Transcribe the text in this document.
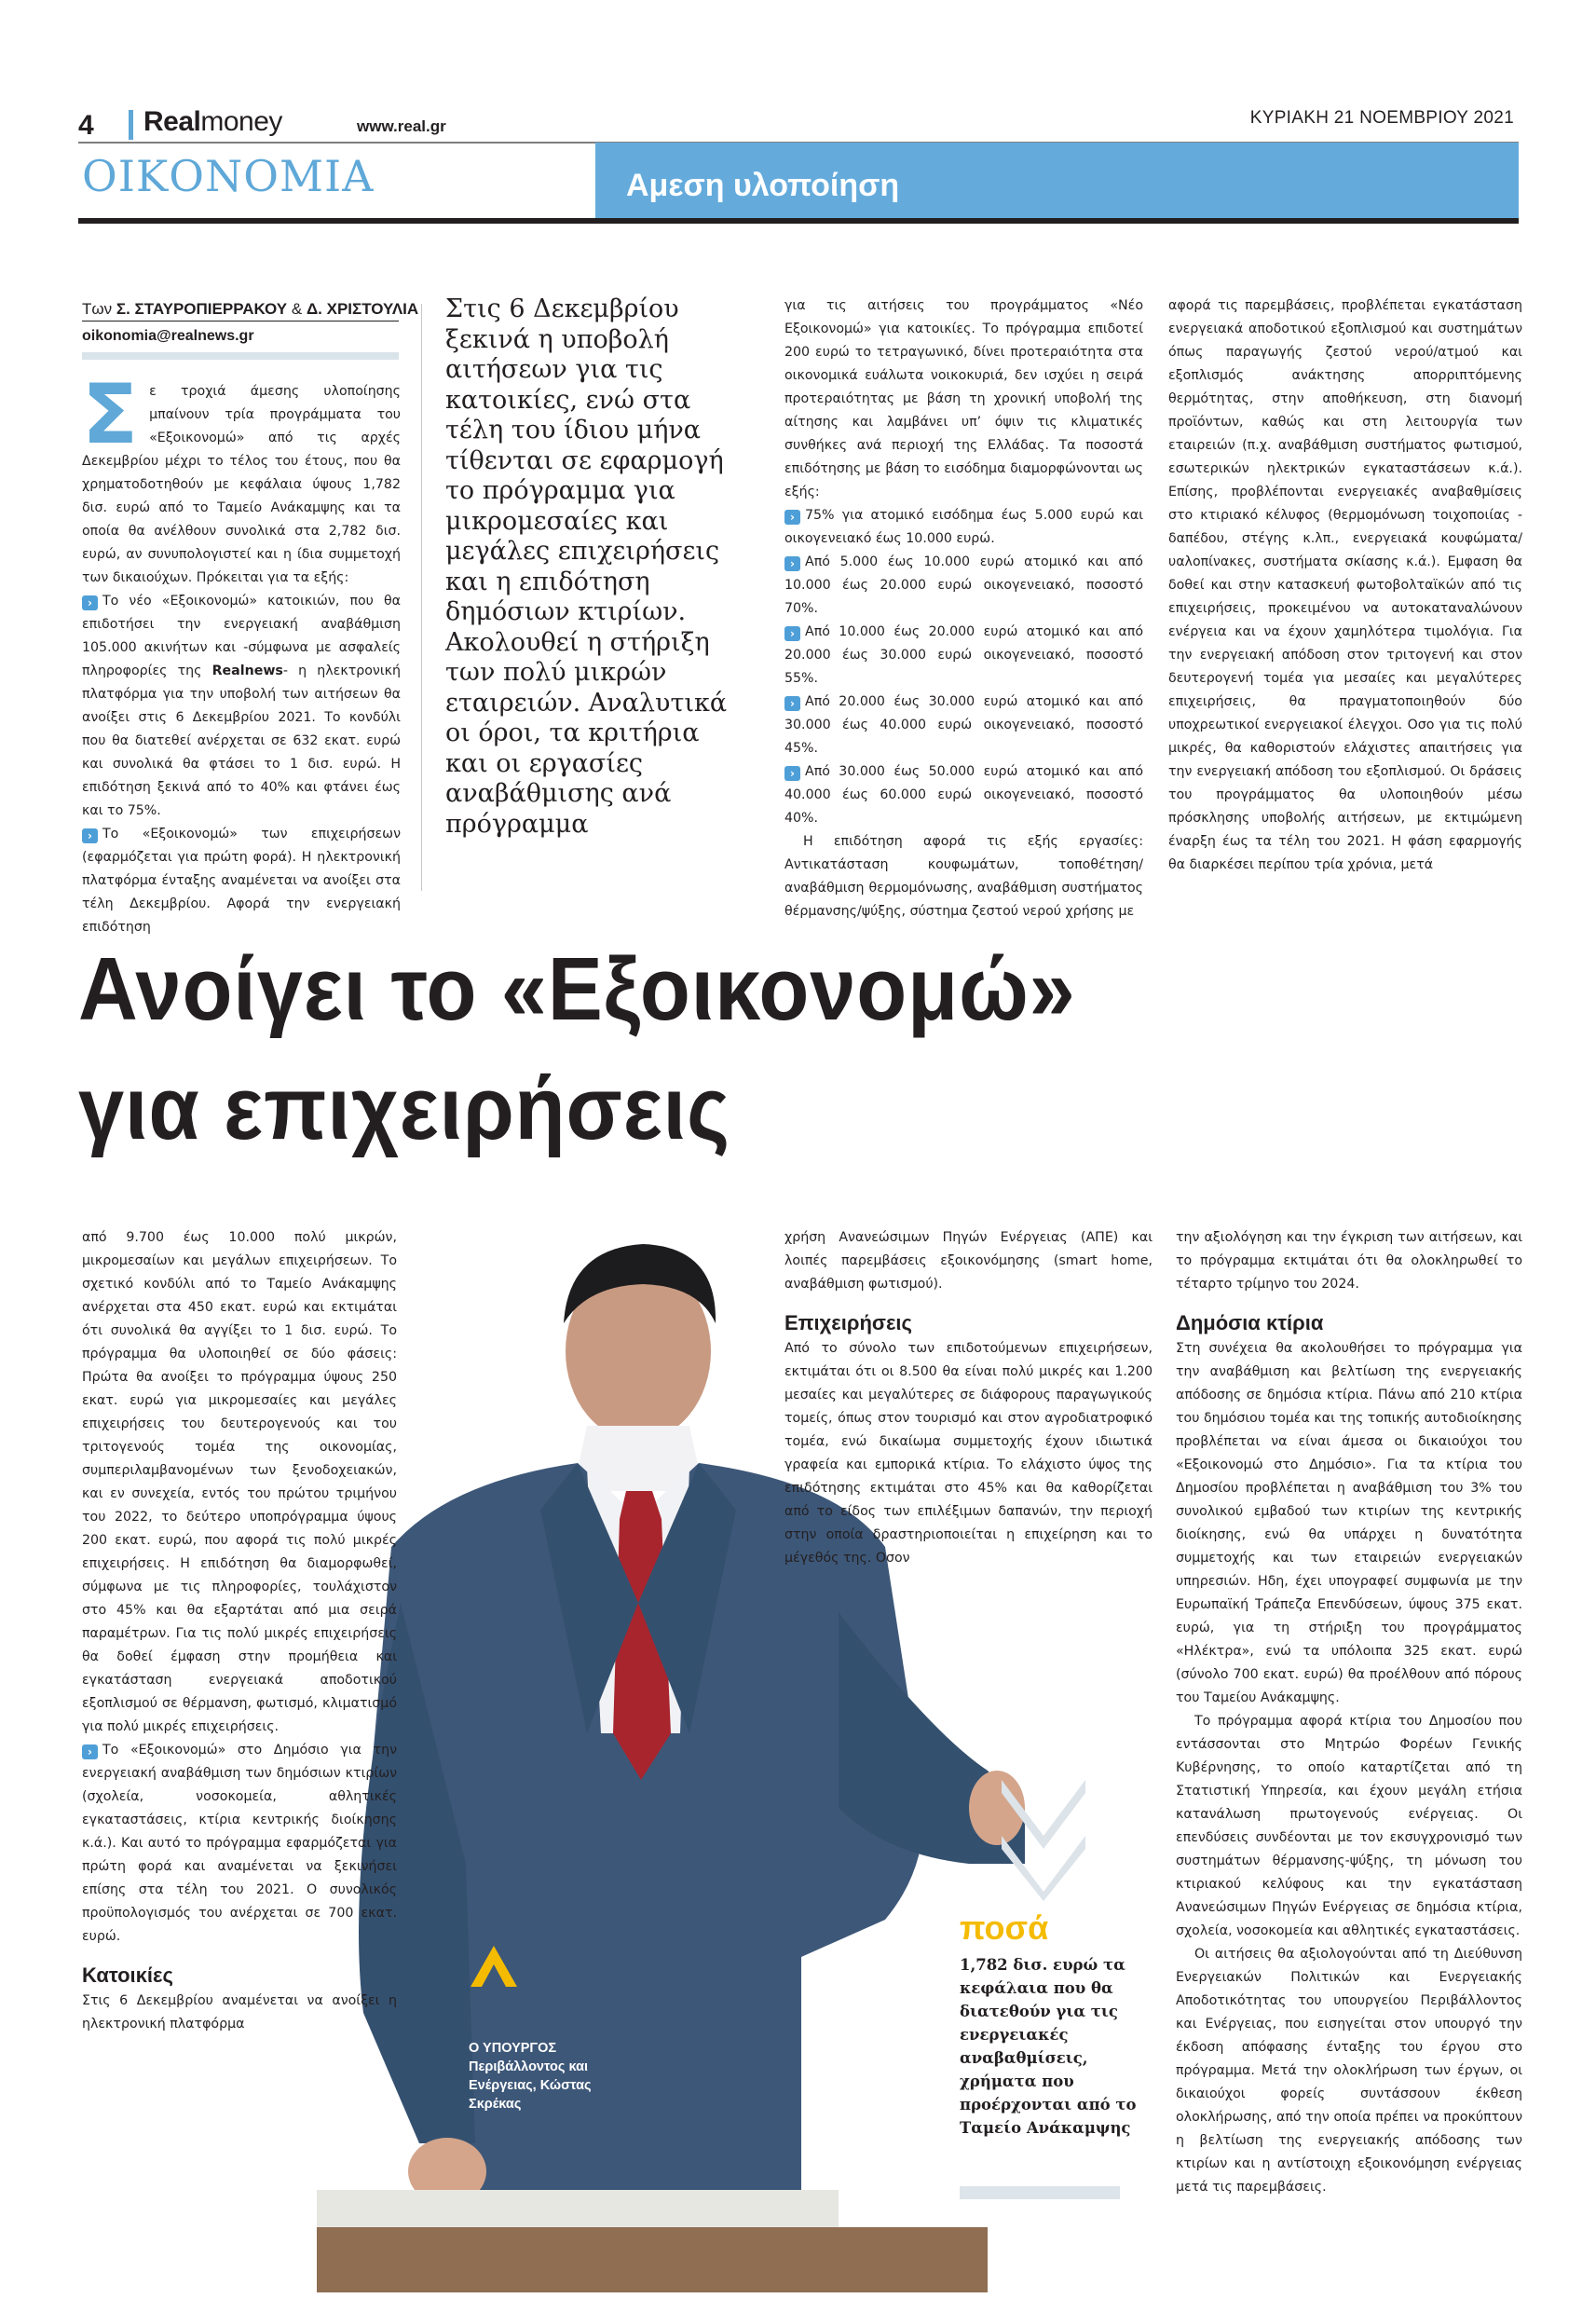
4 Realmoney	www.real.gr	ΚΥΡΙΑΚΗ 21 ΝΟΕΜΒΡΙΟΥ 2021
ΟΙΚΟΝΟΜΙΑ	Αμεση υλοποίηση
Των Σ. ΣΤΑΥΡΟΠΙΕΡΡΑΚΟΥ & Δ. ΧΡΙΣΤΟΥΛΙΑ
oikonomia@realnews.gr

Σε τροχιά άμεσης υλοποίησης μπαίνουν τρία προγράμματα του «Εξοικονομώ» από τις αρχές Δεκεμβρίου μέχρι το τέλος του έτους, που θα χρηματοδοτηθούν με κεφάλαια ύψους 1,782 δισ. ευρώ από το Ταμείο Ανάκαμψης και τα οποία θα ανέλθουν συνολικά στα 2,782 δισ. ευρώ, αν συνυπολογιστεί και η ίδια συμμετοχή των δικαιούχων. Πρόκειται για τα εξής:

› Το νέο «Εξοικονομώ» κατοικιών, που θα επιδοτήσει την ενεργειακή αναβάθμιση 105.000 ακινήτων και -σύμφωνα με ασφαλείς πληροφορίες της Realnews- η ηλεκτρονική πλατφόρμα για την υποβολή των αιτήσεων θα ανοίξει στις 6 Δεκεμβρίου 2021. Το κονδύλι που θα διατεθεί ανέρχεται σε 632 εκατ. ευρώ και συνολικά θα φτάσει το 1 δισ. ευρώ. Η επιδότηση ξεκινά από το 40% και φτάνει έως και το 75%.

› Το «Εξοικονομώ» των επιχειρήσεων (εφαρμόζεται για πρώτη φορά). Η ηλεκτρονική πλατφόρμα ένταξης αναμένεται να ανοίξει στα τέλη Δεκεμβρίου. Αφορά την ενεργειακή επιδότηση

Στις 6 Δεκεμβρίου ξεκινά η υποβολή αιτήσεων για τις κατοικίες, ενώ στα τέλη του ίδιου μήνα τίθενται σε εφαρμογή το πρόγραμμα για μικρομεσαίες και μεγάλες επιχειρήσεις και η επιδότηση δημόσιων κτιρίων. Ακολουθεί η στήριξη των πολύ μικρών εταιρειών. Αναλυτικά οι όροι, τα κριτήρια και οι εργασίες αναβάθμισης ανά πρόγραμμα

για τις αιτήσεις του προγράμματος «Νέο Εξοικονομώ» για κατοικίες. Το πρόγραμμα επιδοτεί 200 ευρώ το τετραγωνικό, δίνει προτεραιότητα στα οικονομικά ευάλωτα νοικοκυριά, δεν ισχύει η σειρά προτεραιότητας με βάση τη χρονική υποβολή της αίτησης και λαμβάνει υπ’ όψιν τις κλιματικές συνθήκες ανά περιοχή της Ελλάδας. Τα ποσοστά επιδότησης με βάση το εισόδημα διαμορφώνονται ως εξής:

› 75% για ατομικό εισόδημα έως 5.000 ευρώ και οικογενειακό έως 10.000 ευρώ.

› Από 5.000 έως 10.000 ευρώ ατομικό και από 10.000 έως 20.000 ευρώ οικογενειακό, ποσοστό 70%.

› Από 10.000 έως 20.000 ευρώ ατομικό και από 20.000 έως 30.000 ευρώ οικογενειακό, ποσοστό 55%.

› Από 20.000 έως 30.000 ευρώ ατομικό και από 30.000 έως 40.000 ευρώ οικογενειακό, ποσοστό 45%.

› Από 30.000 έως 50.000 ευρώ ατομικό και από 40.000 έως 60.000 ευρώ οικογενειακό, ποσοστό 40%.

Η επιδότηση αφορά τις εξής εργασίες: Αντικατάσταση κουφωμάτων, τοποθέτηση/αναβάθμιση θερμομόνωσης, αναβάθμιση συστήματος θέρμανσης/ψύξης, σύστημα ζεστού νερού χρήσης με

αφορά τις παρεμβάσεις, προβλέπεται εγκατάσταση ενεργειακά αποδοτικού εξοπλισμού και συστημάτων όπως παραγωγής ζεστού νερού/ατμού και εξοπλισμός ανάκτησης απορριπτόμενης θερμότητας, στην αποθήκευση, στη διανομή προϊόντων, καθώς και στη λειτουργία των εταιρειών (π.χ. αναβάθμιση συστήματος φωτισμού, εσωτερικών ηλεκτρικών εγκαταστάσεων κ.ά.). Επίσης, προβλέπονται ενεργειακές αναβαθμίσεις στο κτιριακό κέλυφος (θερμομόνωση τοιχοποιίας - δαπέδου, στέγης κ.λπ., ενεργειακά κουφώματα/υαλοπίνακες, συστήματα σκίασης κ.ά.). Εμφαση θα δοθεί και στην κατασκευή φωτοβολταϊκών από τις επιχειρήσεις, προκειμένου να αυτοκαταναλώνουν ενέργεια και να έχουν χαμηλότερα τιμολόγια. Για την ενεργειακή απόδοση στον τριτογενή και στον δευτερογενή τομέα για μεσαίες και μεγαλύτερες επιχειρήσεις, θα πραγματοποιηθούν δύο υποχρεωτικοί ενεργειακοί έλεγχοι. Οσο για τις πολύ μικρές, θα καθοριστούν ελάχιστες απαιτήσεις για την ενεργειακή απόδοση του εξοπλισμού. Οι δράσεις του προγράμματος θα υλοποιηθούν μέσω πρόσκλησης υποβολής αιτήσεων, με εκτιμώμενη έναρξη έως τα τέλη του 2021. Η φάση εφαρμογής θα διαρκέσει περίπου τρία χρόνια, μετά

Ανοίγει το «Εξοικονομώ»
για επιχειρήσεις
Ο ΥΠΟΥΡΓΟΣ
Περιβάλλοντος και Ενέργειας, Κώστας Σκρέκας

από 9.700 έως 10.000 πολύ μικρών, μικρομεσαίων και μεγάλων επιχειρήσεων. Το σχετικό κονδύλι από το Ταμείο Ανάκαμψης ανέρχεται στα 450 εκατ. ευρώ και εκτιμάται ότι συνολικά θα αγγίξει το 1 δισ. ευρώ. Το πρόγραμμα θα υλοποιηθεί σε δύο φάσεις: Πρώτα θα ανοίξει το πρόγραμμα ύψους 250 εκατ. ευρώ για μικρομεσαίες και μεγάλες επιχειρήσεις του δευτερογενούς και του τριτογενούς τομέα της οικονομίας, συμπεριλαμβανομένων των ξενοδοχειακών, και εν συνεχεία, εντός του πρώτου τριμήνου του 2022, το δεύτερο υποπρόγραμμα ύψους 200 εκατ. ευρώ, που αφορά τις πολύ μικρές επιχειρήσεις. Η επιδότηση θα διαμορφωθεί, σύμφωνα με τις πληροφορίες, τουλάχιστον στο 45% και θα εξαρτάται από μια σειρά παραμέτρων. Για τις πολύ μικρές επιχειρήσεις θα δοθεί έμφαση στην προμήθεια και εγκατάσταση ενεργειακά αποδοτικού εξοπλισμού σε θέρμανση, φωτισμό, κλιματισμό για πολύ μικρές επιχειρήσεις.

› Το «Εξοικονομώ» στο Δημόσιο για την ενεργειακή αναβάθμιση των δημόσιων κτιρίων (σχολεία, νοσοκομεία, αθλητικές εγκαταστάσεις, κτίρια κεντρικής διοίκησης κ.ά.). Και αυτό το πρόγραμμα εφαρμόζεται για πρώτη φορά και αναμένεται να ξεκινήσει επίσης στα τέλη του 2021. Ο συνολικός προϋπολογισμός του ανέρχεται σε 700 εκατ. ευρώ.

Κατοικίες

Στις 6 Δεκεμβρίου αναμένεται να ανοίξει η ηλεκτρονική πλατφόρμα

χρήση Ανανεώσιμων Πηγών Ενέργειας (ΑΠΕ) και λοιπές παρεμβάσεις εξοικονόμησης (smart home, αναβάθμιση φωτισμού).

Επιχειρήσεις

Από το σύνολο των επιδοτούμενων επιχειρήσεων, εκτιμάται ότι οι 8.500 θα είναι πολύ μικρές και 1.200 μεσαίες και μεγαλύτερες σε διάφορους παραγωγικούς τομείς, όπως στον τουρισμό και στον αγροδιατροφικό τομέα, ενώ δικαίωμα συμμετοχής έχουν ιδιωτικά γραφεία και εμπορικά κτίρια. Το ελάχιστο ύψος της επιδότησης εκτιμάται στο 45% και θα καθορίζεται από το είδος των επιλέξιμων δαπανών, την περιοχή στην οποία δραστηριοποιείται η επιχείρηση και το μέγεθός της. Οσον

ποσά
1,782 δισ. ευρώ τα κεφάλαια που θα διατεθούν για τις ενεργειακές αναβαθμίσεις, χρήματα που προέρχονται από το Ταμείο Ανάκαμψης

την αξιολόγηση και την έγκριση των αιτήσεων, και το πρόγραμμα εκτιμάται ότι θα ολοκληρωθεί το τέταρτο τρίμηνο του 2024.

Δημόσια κτίρια

Στη συνέχεια θα ακολουθήσει το πρόγραμμα για την αναβάθμιση και βελτίωση της ενεργειακής απόδοσης σε δημόσια κτίρια. Πάνω από 210 κτίρια του δημόσιου τομέα και της τοπικής αυτοδιοίκησης προβλέπεται να είναι άμεσα οι δικαιούχοι του «Εξοικονομώ στο Δημόσιο». Για τα κτίρια του Δημοσίου προβλέπεται η αναβάθμιση του 3% του συνολικού εμβαδού των κτιρίων της κεντρικής διοίκησης, ενώ θα υπάρχει η δυνατότητα συμμετοχής και των εταιρειών ενεργειακών υπηρεσιών. Ηδη, έχει υπογραφεί συμφωνία με την Ευρωπαϊκή Τράπεζα Επενδύσεων, ύψους 375 εκατ. ευρώ, για τη στήριξη του προγράμματος «Ηλέκτρα», ενώ τα υπόλοιπα 325 εκατ. ευρώ (σύνολο 700 εκατ. ευρώ) θα προέλθουν από πόρους του Ταμείου Ανάκαμψης.

Το πρόγραμμα αφορά κτίρια του Δημοσίου που εντάσσονται στο Μητρώο Φορέων Γενικής Κυβέρνησης, το οποίο καταρτίζεται από τη Στατιστική Υπηρεσία, και έχουν μεγάλη ετήσια κατανάλωση πρωτογενούς ενέργειας. Οι επενδύσεις συνδέονται με τον εκσυγχρονισμό των συστημάτων θέρμανσης-ψύξης, τη μόνωση του κτιριακού κελύφους και την εγκατάσταση Ανανεώσιμων Πηγών Ενέργειας σε δημόσια κτίρια, σχολεία, νοσοκομεία και αθλητικές εγκαταστάσεις.

Οι αιτήσεις θα αξιολογούνται από τη Διεύθυνση Ενεργειακών Πολιτικών και Ενεργειακής Αποδοτικότητας του υπουργείου Περιβάλλοντος και Ενέργειας, που εισηγείται στον υπουργό την έκδοση απόφασης ένταξης του έργου στο πρόγραμμα. Μετά την ολοκλήρωση των έργων, οι δικαιούχοι φορείς συντάσσουν έκθεση ολοκλήρωσης, από την οποία πρέπει να προκύπτουν η βελτίωση της ενεργειακής απόδοσης των κτιρίων και η αντίστοιχη εξοικονόμηση ενέργειας μετά τις παρεμβάσεις.
